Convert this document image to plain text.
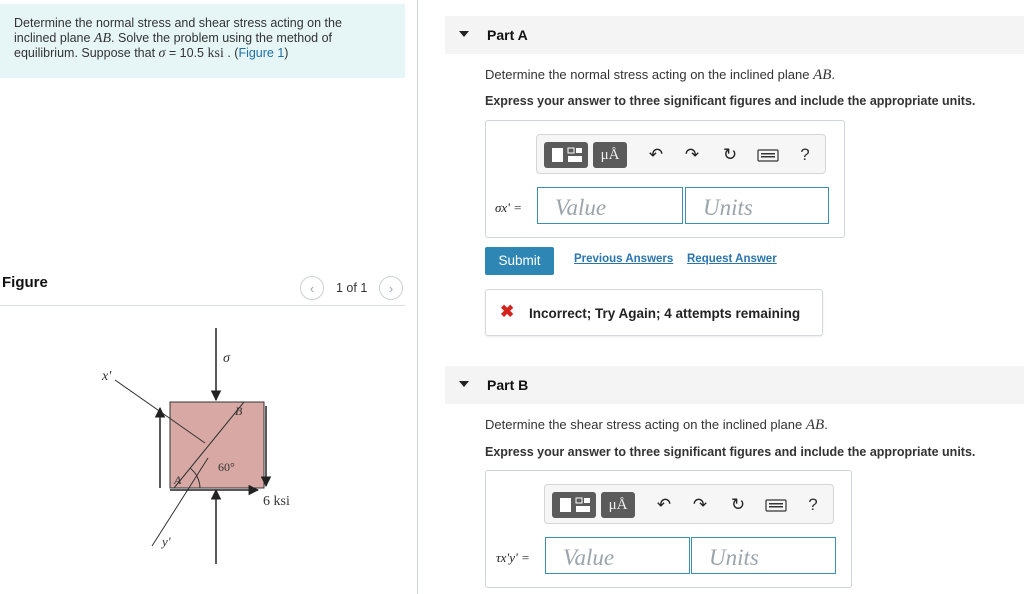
Determine the normal stress and shear stress acting on the
inclined plane AB. Solve the problem using the method of
equilibrium. Suppose that σ = 10.5 ksi . (Figure 1)
Figure	‹	1 of 1	›
x'
y'
σ
60°
B
A
6 ksi
Part A
Determine the normal stress acting on the inclined plane AB.
Express your answer to three significant figures and include the appropriate units.
μÅ	↶ ↷ ↻	?
σx' =
Value
Units
Submit	Previous Answers Request Answer
✖ Incorrect; Try Again; 4 attempts remaining
Part B
Determine the shear stress acting on the inclined plane AB.
Express your answer to three significant figures and include the appropriate units.
μÅ	↶ ↷ ↻	?
τx'y' =
Value
Units
